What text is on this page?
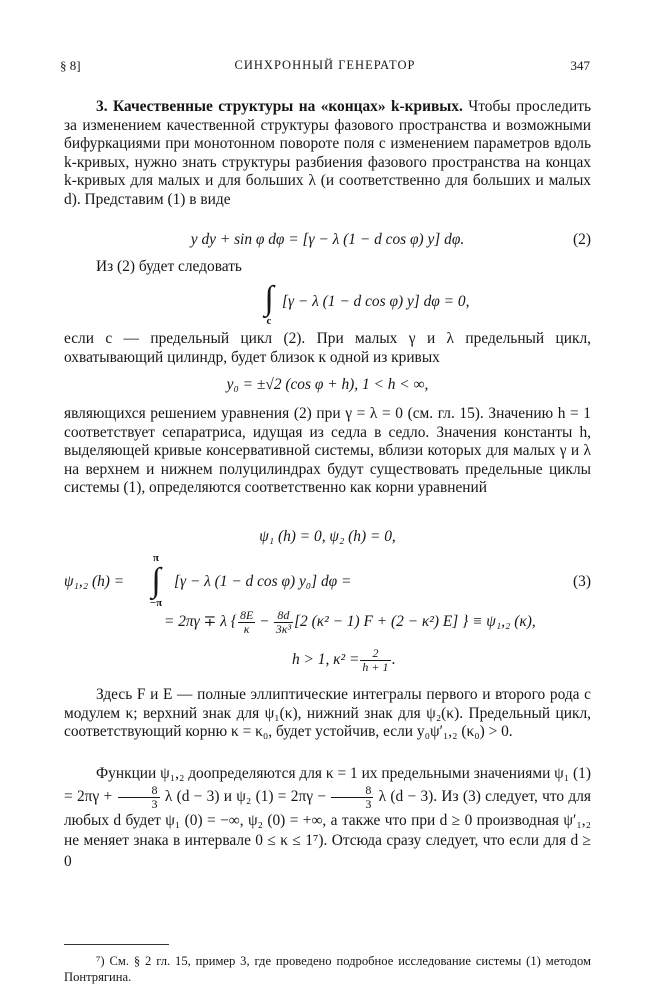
§ 8]	СИНХРОННЫЙ ГЕНЕРАТОР	347
3. Качественные структуры на «концах» k-кривых. Чтобы проследить за изменением качественной структуры фазового пространства и возможными бифуркациями при монотонном повороте поля с изменением параметров вдоль k-кривых, нужно знать структуры разбиения фазового пространства на концах k-кривых для малых и для больших λ (и соответственно для больших и малых d). Представим (1) в виде
y dy + sin φ dφ = [γ − λ (1 − d cos φ) y] dφ.	(2)
Из (2) будет следовать
∫
c
[γ − λ (1 − d cos φ) y] dφ = 0,
если c — предельный цикл (2). При малых γ и λ предельный цикл, охватывающий цилиндр, будет близок к одной из кривых
y₀ = ±√2 (cos φ + h), 1 < h < ∞,
являющихся решением уравнения (2) при γ = λ = 0 (см. гл. 15). Значению h = 1 соответствует сепаратриса, идущая из седла в седло. Значения константы h, выделяющей кривые консервативной системы, вблизи которых для малых γ и λ на верхнем и нижнем полуцилиндрах будут существовать предельные циклы системы (1), определяются соответственно как корни уравнений
ψ₁ (h) = 0, ψ₂ (h) = 0,
ψ₁,₂ (h) =
π
∫
−π
[γ − λ (1 − d cos φ) y₀] dφ =	(3)
= 2πγ ∓ λ { $\frac{8E}{\kappa} - \frac{8d}{\text{3κ³}} [2$ (κ² − 1) F + (2 − κ²) E] } ≡ ψ₁,₂ (κ),
h > 1, $\kappa^2 = \frac{2}{h + 1}$ .
Здесь F и E — полные эллиптические интегралы первого и второго рода с модулем κ; верхний знак для ψ₁(κ), нижний знак для ψ₂(κ). Предельный цикл, соответствующий корню κ = κ₀, будет устойчив, если y₀ψ′₁,₂ (κ₀) > 0.
Функции ψ₁,₂ доопределяются для κ = 1 их предельными значениями ψ₁ $(1) = 2\pi\gamma + \frac{8}{3}$ λ (d − 3) и ψ₂ $(1) = 2\pi\gamma - \frac{8}{3}$ λ (d − 3). Из (3) следует, что для любых d будет ψ₁ (0) = −∞, ψ₂ (0) = +∞, а также что при d ≥ 0 производная ψ′₁,₂ не меняет знака в интервале 0 ≤ κ ≤ 1⁷). Отсюда сразу следует, что если для d ≥ 0
⁷) См. § 2 гл. 15, пример 3, где проведено подробное исследование системы (1) методом Понтрягина.
